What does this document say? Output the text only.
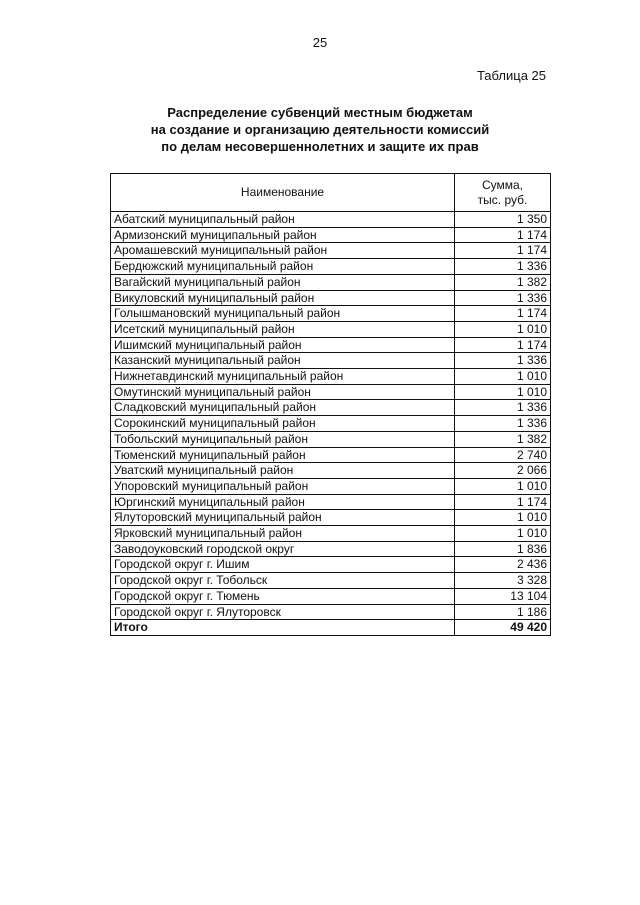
25
Таблица 25
Распределение субвенций местным бюджетам
на создание и организацию деятельности комиссий
по делам несовершеннолетних и защите их прав
Наименование	Сумма,
тыс. руб.

Абатский муниципальный район	1 350
Армизонский муниципальный район	1 174
Аромашевский муниципальный район	1 174
Бердюжский муниципальный район	1 336
Вагайский муниципальный район	1 382
Викуловский муниципальный район	1 336
Голышмановский муниципальный район	1 174
Исетский муниципальный район	1 010
Ишимский муниципальный район	1 174
Казанский муниципальный район	1 336
Нижнетавдинский муниципальный район	1 010
Омутинский муниципальный район	1 010
Сладковский муниципальный район	1 336
Сорокинский муниципальный район	1 336
Тобольский муниципальный район	1 382
Тюменский муниципальный район	2 740
Уватский муниципальный район	2 066
Упоровский муниципальный район	1 010
Юргинский муниципальный район	1 174
Ялуторовский муниципальный район	1 010
Ярковский муниципальный район	1 010
Заводоуковский городской округ	1 836
Городской округ г. Ишим	2 436
Городской округ г. Тобольск	3 328
Городской округ г. Тюмень	13 104
Городской округ г. Ялуторовск	1 186
Итого	49 420
